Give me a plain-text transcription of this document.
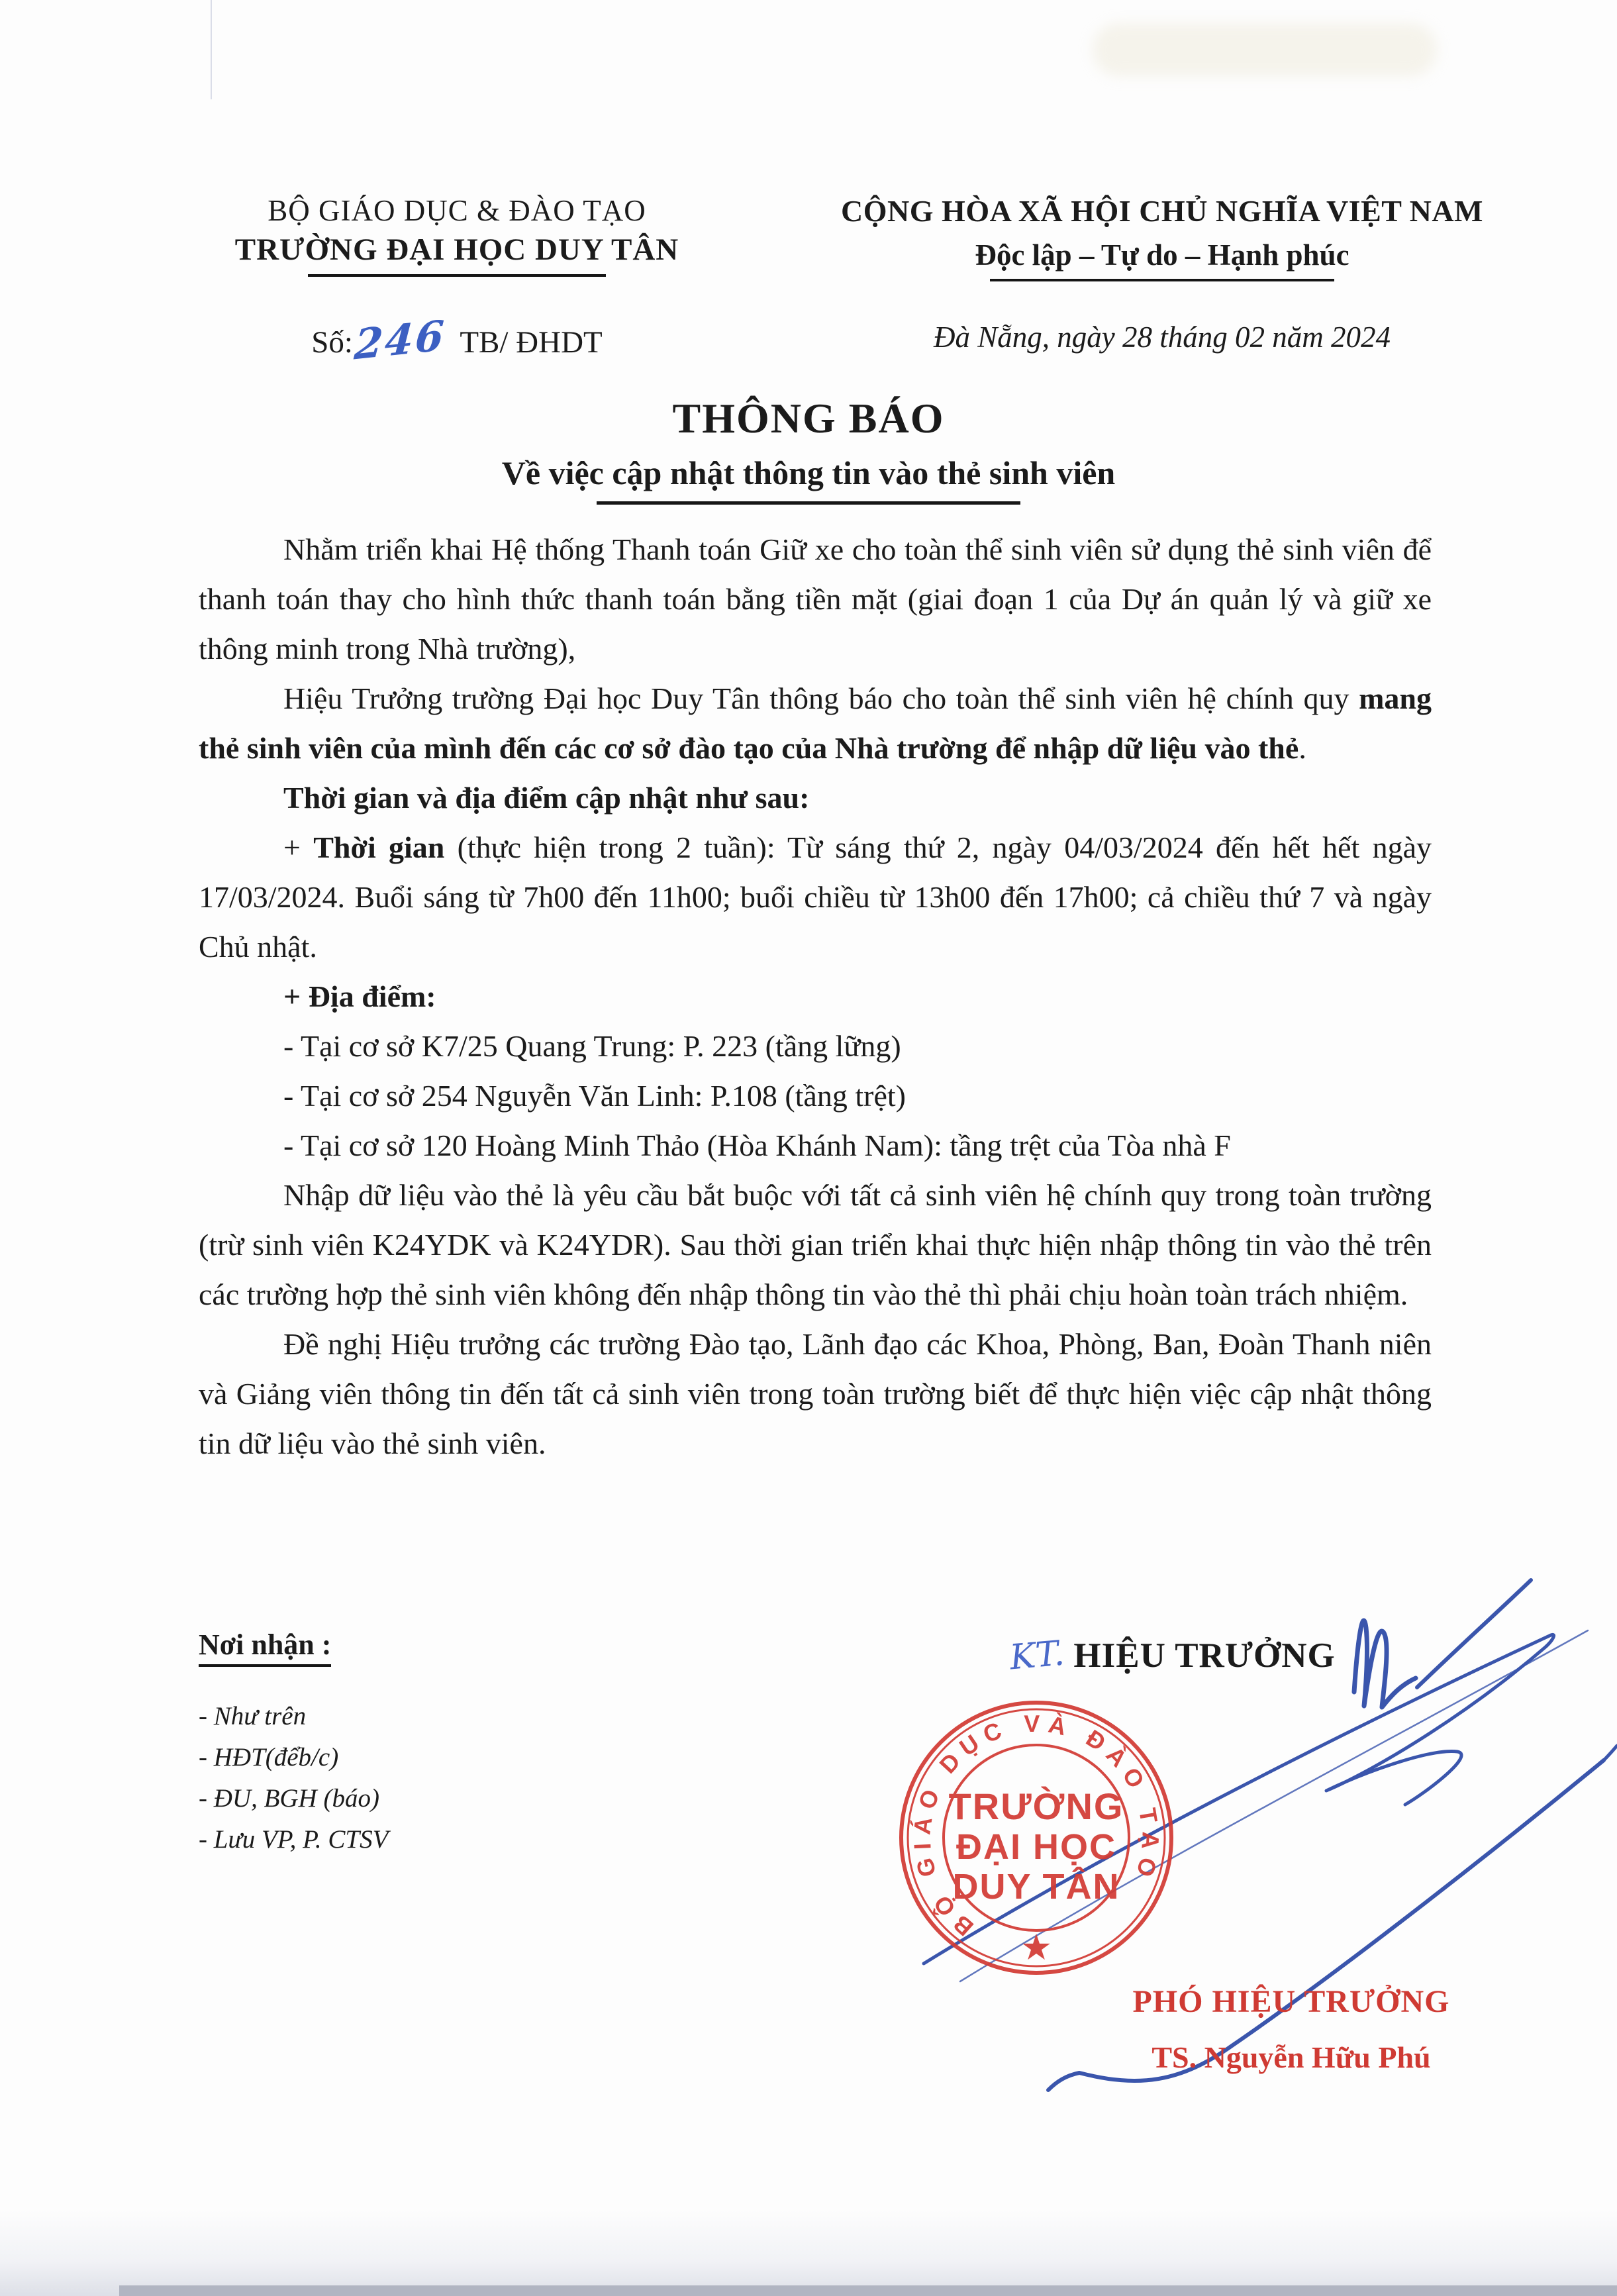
BỘ GIÁO DỤC & ĐÀO TẠO
TRƯỜNG ĐẠI HỌC DUY TÂN
Số:246 TB/ ĐHDT
CỘNG HÒA XÃ HỘI CHỦ NGHĨA VIỆT NAM
Độc lập – Tự do – Hạnh phúc
Đà Nẵng, ngày 28 tháng 02 năm 2024
THÔNG BÁO
Về việc cập nhật thông tin vào thẻ sinh viên

Nhằm triển khai Hệ thống Thanh toán Giữ xe cho toàn thể sinh viên sử dụng thẻ sinh viên để thanh toán thay cho hình thức thanh toán bằng tiền mặt (giai đoạn 1 của Dự án quản lý và giữ xe thông minh trong Nhà trường),

Hiệu Trưởng trường Đại học Duy Tân thông báo cho toàn thể sinh viên hệ chính quy mang thẻ sinh viên của mình đến các cơ sở đào tạo của Nhà trường để nhập dữ liệu vào thẻ.

Thời gian và địa điểm cập nhật như sau:

+ Thời gian (thực hiện trong 2 tuần): Từ sáng thứ 2, ngày 04/03/2024 đến hết hết ngày 17/03/2024. Buổi sáng từ 7h00 đến 11h00; buổi chiều từ 13h00 đến 17h00; cả chiều thứ 7 và ngày Chủ nhật.

+ Địa điểm:

- Tại cơ sở K7/25 Quang Trung: P. 223 (tầng lững)

- Tại cơ sở 254 Nguyễn Văn Linh: P.108 (tầng trệt)

- Tại cơ sở 120 Hoàng Minh Thảo (Hòa Khánh Nam): tầng trệt của Tòa nhà F

Nhập dữ liệu vào thẻ là yêu cầu bắt buộc với tất cả sinh viên hệ chính quy trong toàn trường (trừ sinh viên K24YDK và K24YDR). Sau thời gian triển khai thực hiện nhập thông tin vào thẻ trên các trường hợp thẻ sinh viên không đến nhập thông tin vào thẻ thì phải chịu hoàn toàn trách nhiệm.

Đề nghị Hiệu trưởng các trường Đào tạo, Lãnh đạo các Khoa, Phòng, Ban, Đoàn Thanh niên và Giảng viên thông tin đến tất cả sinh viên trong toàn trường biết để thực hiện việc cập nhật thông tin dữ liệu vào thẻ sinh viên.

Nơi nhận :
- Như trên
- HĐT(đểb/c)
- ĐU, BGH (báo)
- Lưu VP, P. CTSV
KT. HIỆU TRƯỞNG
BỘ GIÁO DỤC VÀ ĐÀO TẠO
TRƯỜNG
ĐẠI HỌC
DUY TÂN
★
PHÓ HIỆU TRƯỞNG
TS. Nguyễn Hữu Phú
